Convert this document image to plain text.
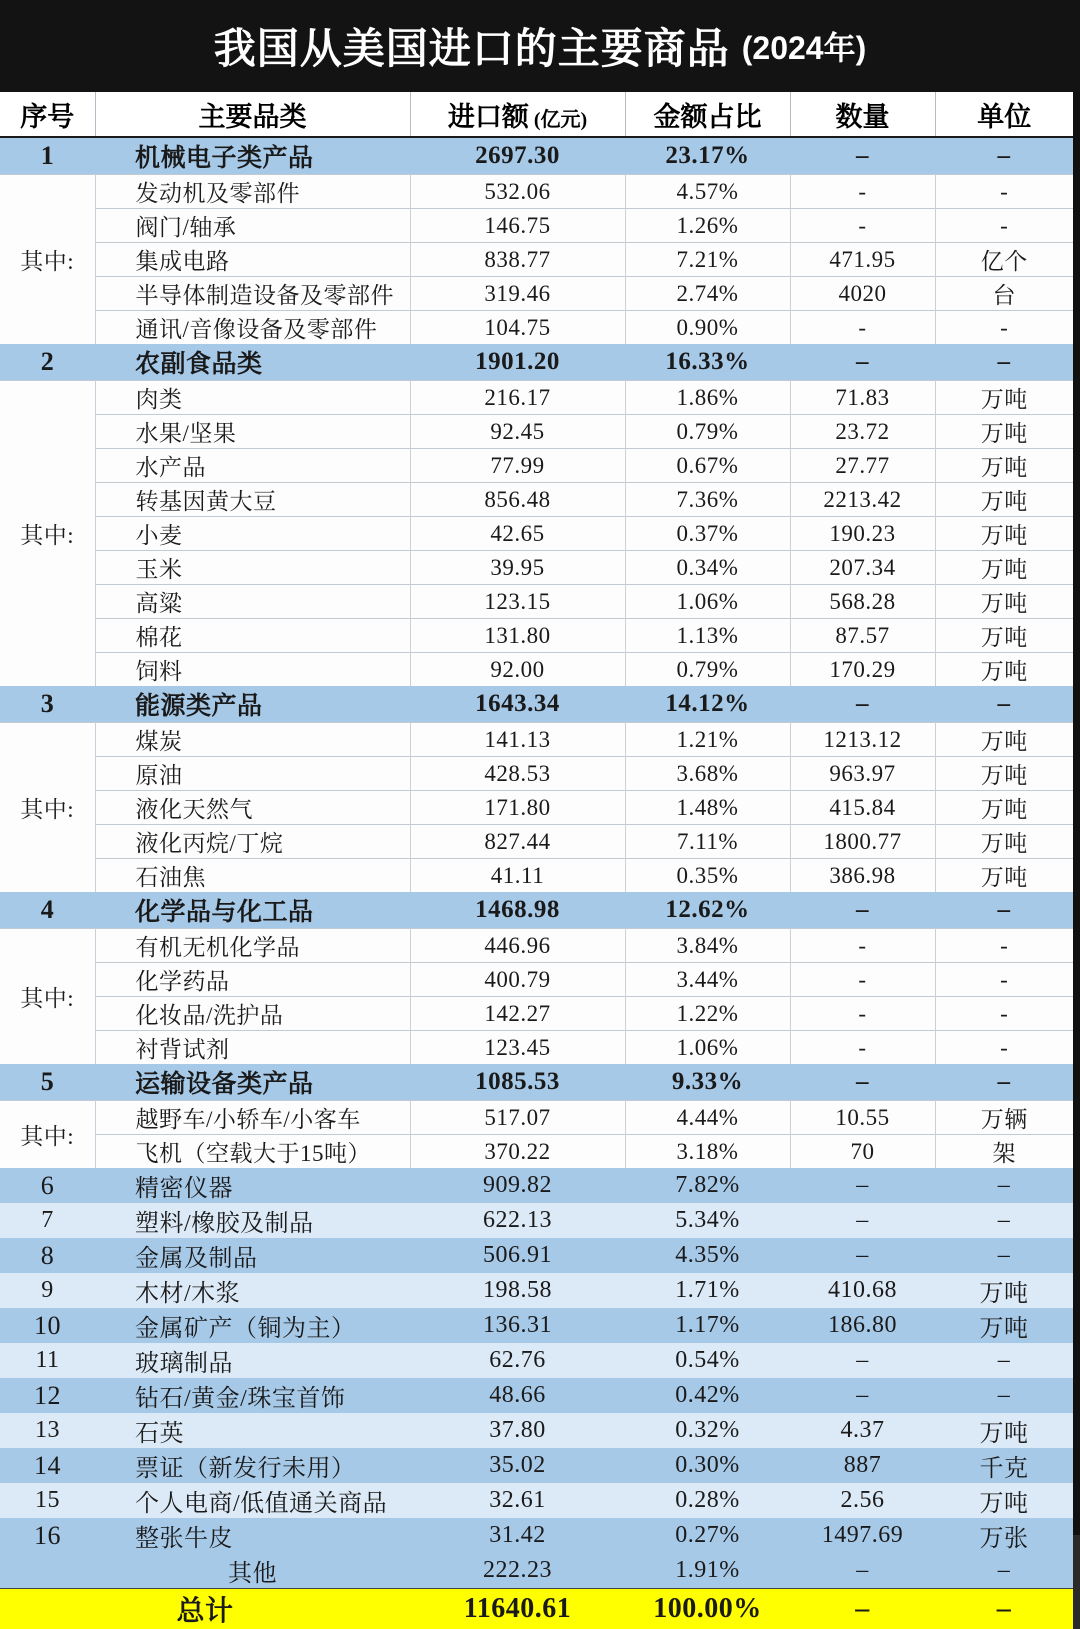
我国从美国进口的主要商品 (2024年)
序号	主要品类	进口额 (亿元)	金额占比	数量	单位
1	机械电子类产品	2697.30	23.17%	–	–
其中:	发动机及零部件	532.06	4.57%	-	-
	阀门/轴承	146.75	1.26%	-	-
	集成电路	838.77	7.21%	471.95	亿个
	半导体制造设备及零部件	319.46	2.74%	4020	台
	通讯/音像设备及零部件	104.75	0.90%	-	-
2	农副食品类	1901.20	16.33%	–	–
其中:	肉类	216.17	1.86%	71.83	万吨
	水果/坚果	92.45	0.79%	23.72	万吨
	水产品	77.99	0.67%	27.77	万吨
	转基因黄大豆	856.48	7.36%	2213.42	万吨
	小麦	42.65	0.37%	190.23	万吨
	玉米	39.95	0.34%	207.34	万吨
	高粱	123.15	1.06%	568.28	万吨
	棉花	131.80	1.13%	87.57	万吨
	饲料	92.00	0.79%	170.29	万吨
3	能源类产品	1643.34	14.12%	–	–
其中:	煤炭	141.13	1.21%	1213.12	万吨
	原油	428.53	3.68%	963.97	万吨
	液化天然气	171.80	1.48%	415.84	万吨
	液化丙烷/丁烷	827.44	7.11%	1800.77	万吨
	石油焦	41.11	0.35%	386.98	万吨
4	化学品与化工品	1468.98	12.62%	–	–
其中:	有机无机化学品	446.96	3.84%	-	-
	化学药品	400.79	3.44%	-	-
	化妆品/洗护品	142.27	1.22%	-	-
	衬背试剂	123.45	1.06%	-	-
5	运输设备类产品	1085.53	9.33%	–	–
其中:	越野车/小轿车/小客车	517.07	4.44%	10.55	万辆
	飞机（空载大于15吨）	370.22	3.18%	70	架
6	精密仪器	909.82	7.82%	–	–
7	塑料/橡胶及制品	622.13	5.34%	–	–
8	金属及制品	506.91	4.35%	–	–
9	木材/木浆	198.58	1.71%	410.68	万吨
10	金属矿产（铜为主）	136.31	1.17%	186.80	万吨
11	玻璃制品	62.76	0.54%	–	–
12	钻石/黄金/珠宝首饰	48.66	0.42%	–	–
13	石英	37.80	0.32%	4.37	万吨
14	票证（新发行未用）	35.02	0.30%	887	千克
15	个人电商/低值通关商品	32.61	0.28%	2.56	万吨
16	整张牛皮	31.42	0.27%	1497.69	万张
	其他	222.23	1.91%	–	–
总计		11640.61	100.00%	–	–
